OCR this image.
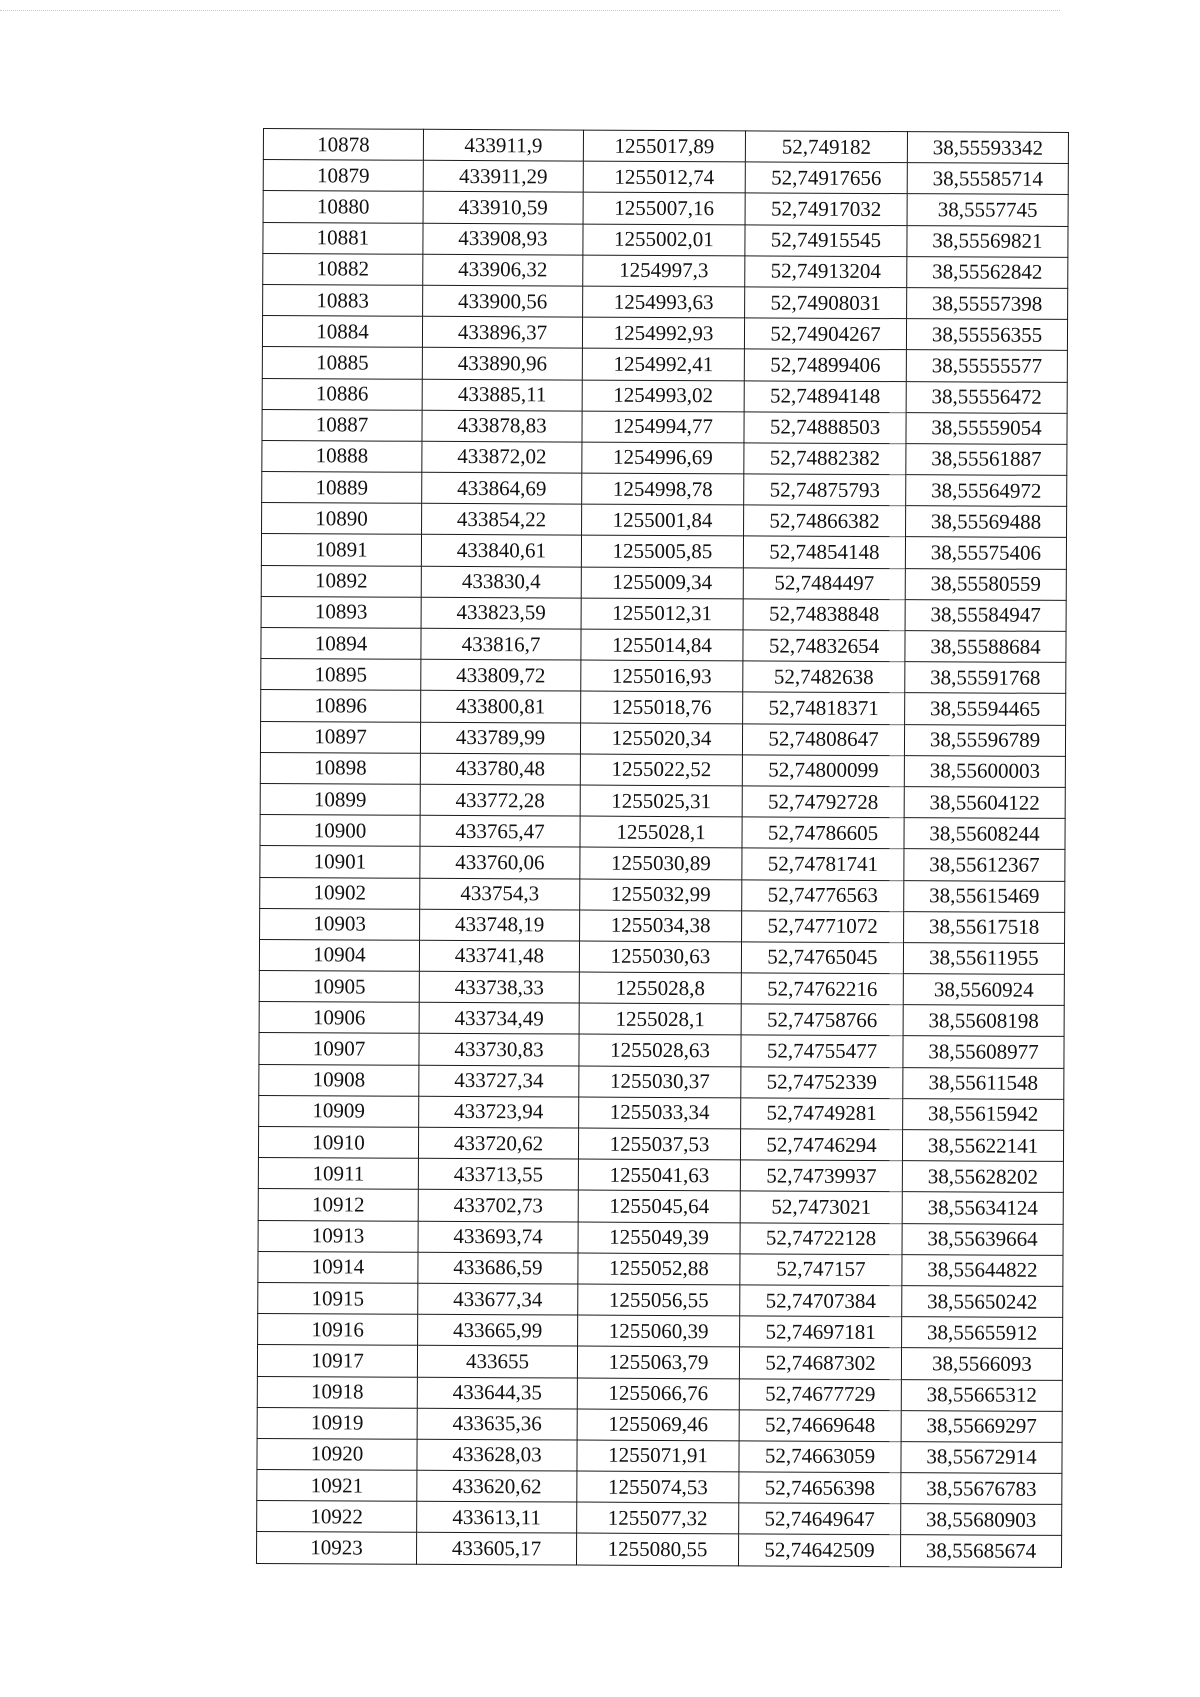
10878	433911,9	1255017,89	52,749182	38,55593342
10879	433911,29	1255012,74	52,74917656	38,55585714
10880	433910,59	1255007,16	52,74917032	38,5557745
10881	433908,93	1255002,01	52,74915545	38,55569821
10882	433906,32	1254997,3	52,74913204	38,55562842
10883	433900,56	1254993,63	52,74908031	38,55557398
10884	433896,37	1254992,93	52,74904267	38,55556355
10885	433890,96	1254992,41	52,74899406	38,55555577
10886	433885,11	1254993,02	52,74894148	38,55556472
10887	433878,83	1254994,77	52,74888503	38,55559054
10888	433872,02	1254996,69	52,74882382	38,55561887
10889	433864,69	1254998,78	52,74875793	38,55564972
10890	433854,22	1255001,84	52,74866382	38,55569488
10891	433840,61	1255005,85	52,74854148	38,55575406
10892	433830,4	1255009,34	52,7484497	38,55580559
10893	433823,59	1255012,31	52,74838848	38,55584947
10894	433816,7	1255014,84	52,74832654	38,55588684
10895	433809,72	1255016,93	52,7482638	38,55591768
10896	433800,81	1255018,76	52,74818371	38,55594465
10897	433789,99	1255020,34	52,74808647	38,55596789
10898	433780,48	1255022,52	52,74800099	38,55600003
10899	433772,28	1255025,31	52,74792728	38,55604122
10900	433765,47	1255028,1	52,74786605	38,55608244
10901	433760,06	1255030,89	52,74781741	38,55612367
10902	433754,3	1255032,99	52,74776563	38,55615469
10903	433748,19	1255034,38	52,74771072	38,55617518
10904	433741,48	1255030,63	52,74765045	38,55611955
10905	433738,33	1255028,8	52,74762216	38,5560924
10906	433734,49	1255028,1	52,74758766	38,55608198
10907	433730,83	1255028,63	52,74755477	38,55608977
10908	433727,34	1255030,37	52,74752339	38,55611548
10909	433723,94	1255033,34	52,74749281	38,55615942
10910	433720,62	1255037,53	52,74746294	38,55622141
10911	433713,55	1255041,63	52,74739937	38,55628202
10912	433702,73	1255045,64	52,7473021	38,55634124
10913	433693,74	1255049,39	52,74722128	38,55639664
10914	433686,59	1255052,88	52,747157	38,55644822
10915	433677,34	1255056,55	52,74707384	38,55650242
10916	433665,99	1255060,39	52,74697181	38,55655912
10917	433655	1255063,79	52,74687302	38,5566093
10918	433644,35	1255066,76	52,74677729	38,55665312
10919	433635,36	1255069,46	52,74669648	38,55669297
10920	433628,03	1255071,91	52,74663059	38,55672914
10921	433620,62	1255074,53	52,74656398	38,55676783
10922	433613,11	1255077,32	52,74649647	38,55680903
10923	433605,17	1255080,55	52,74642509	38,55685674
